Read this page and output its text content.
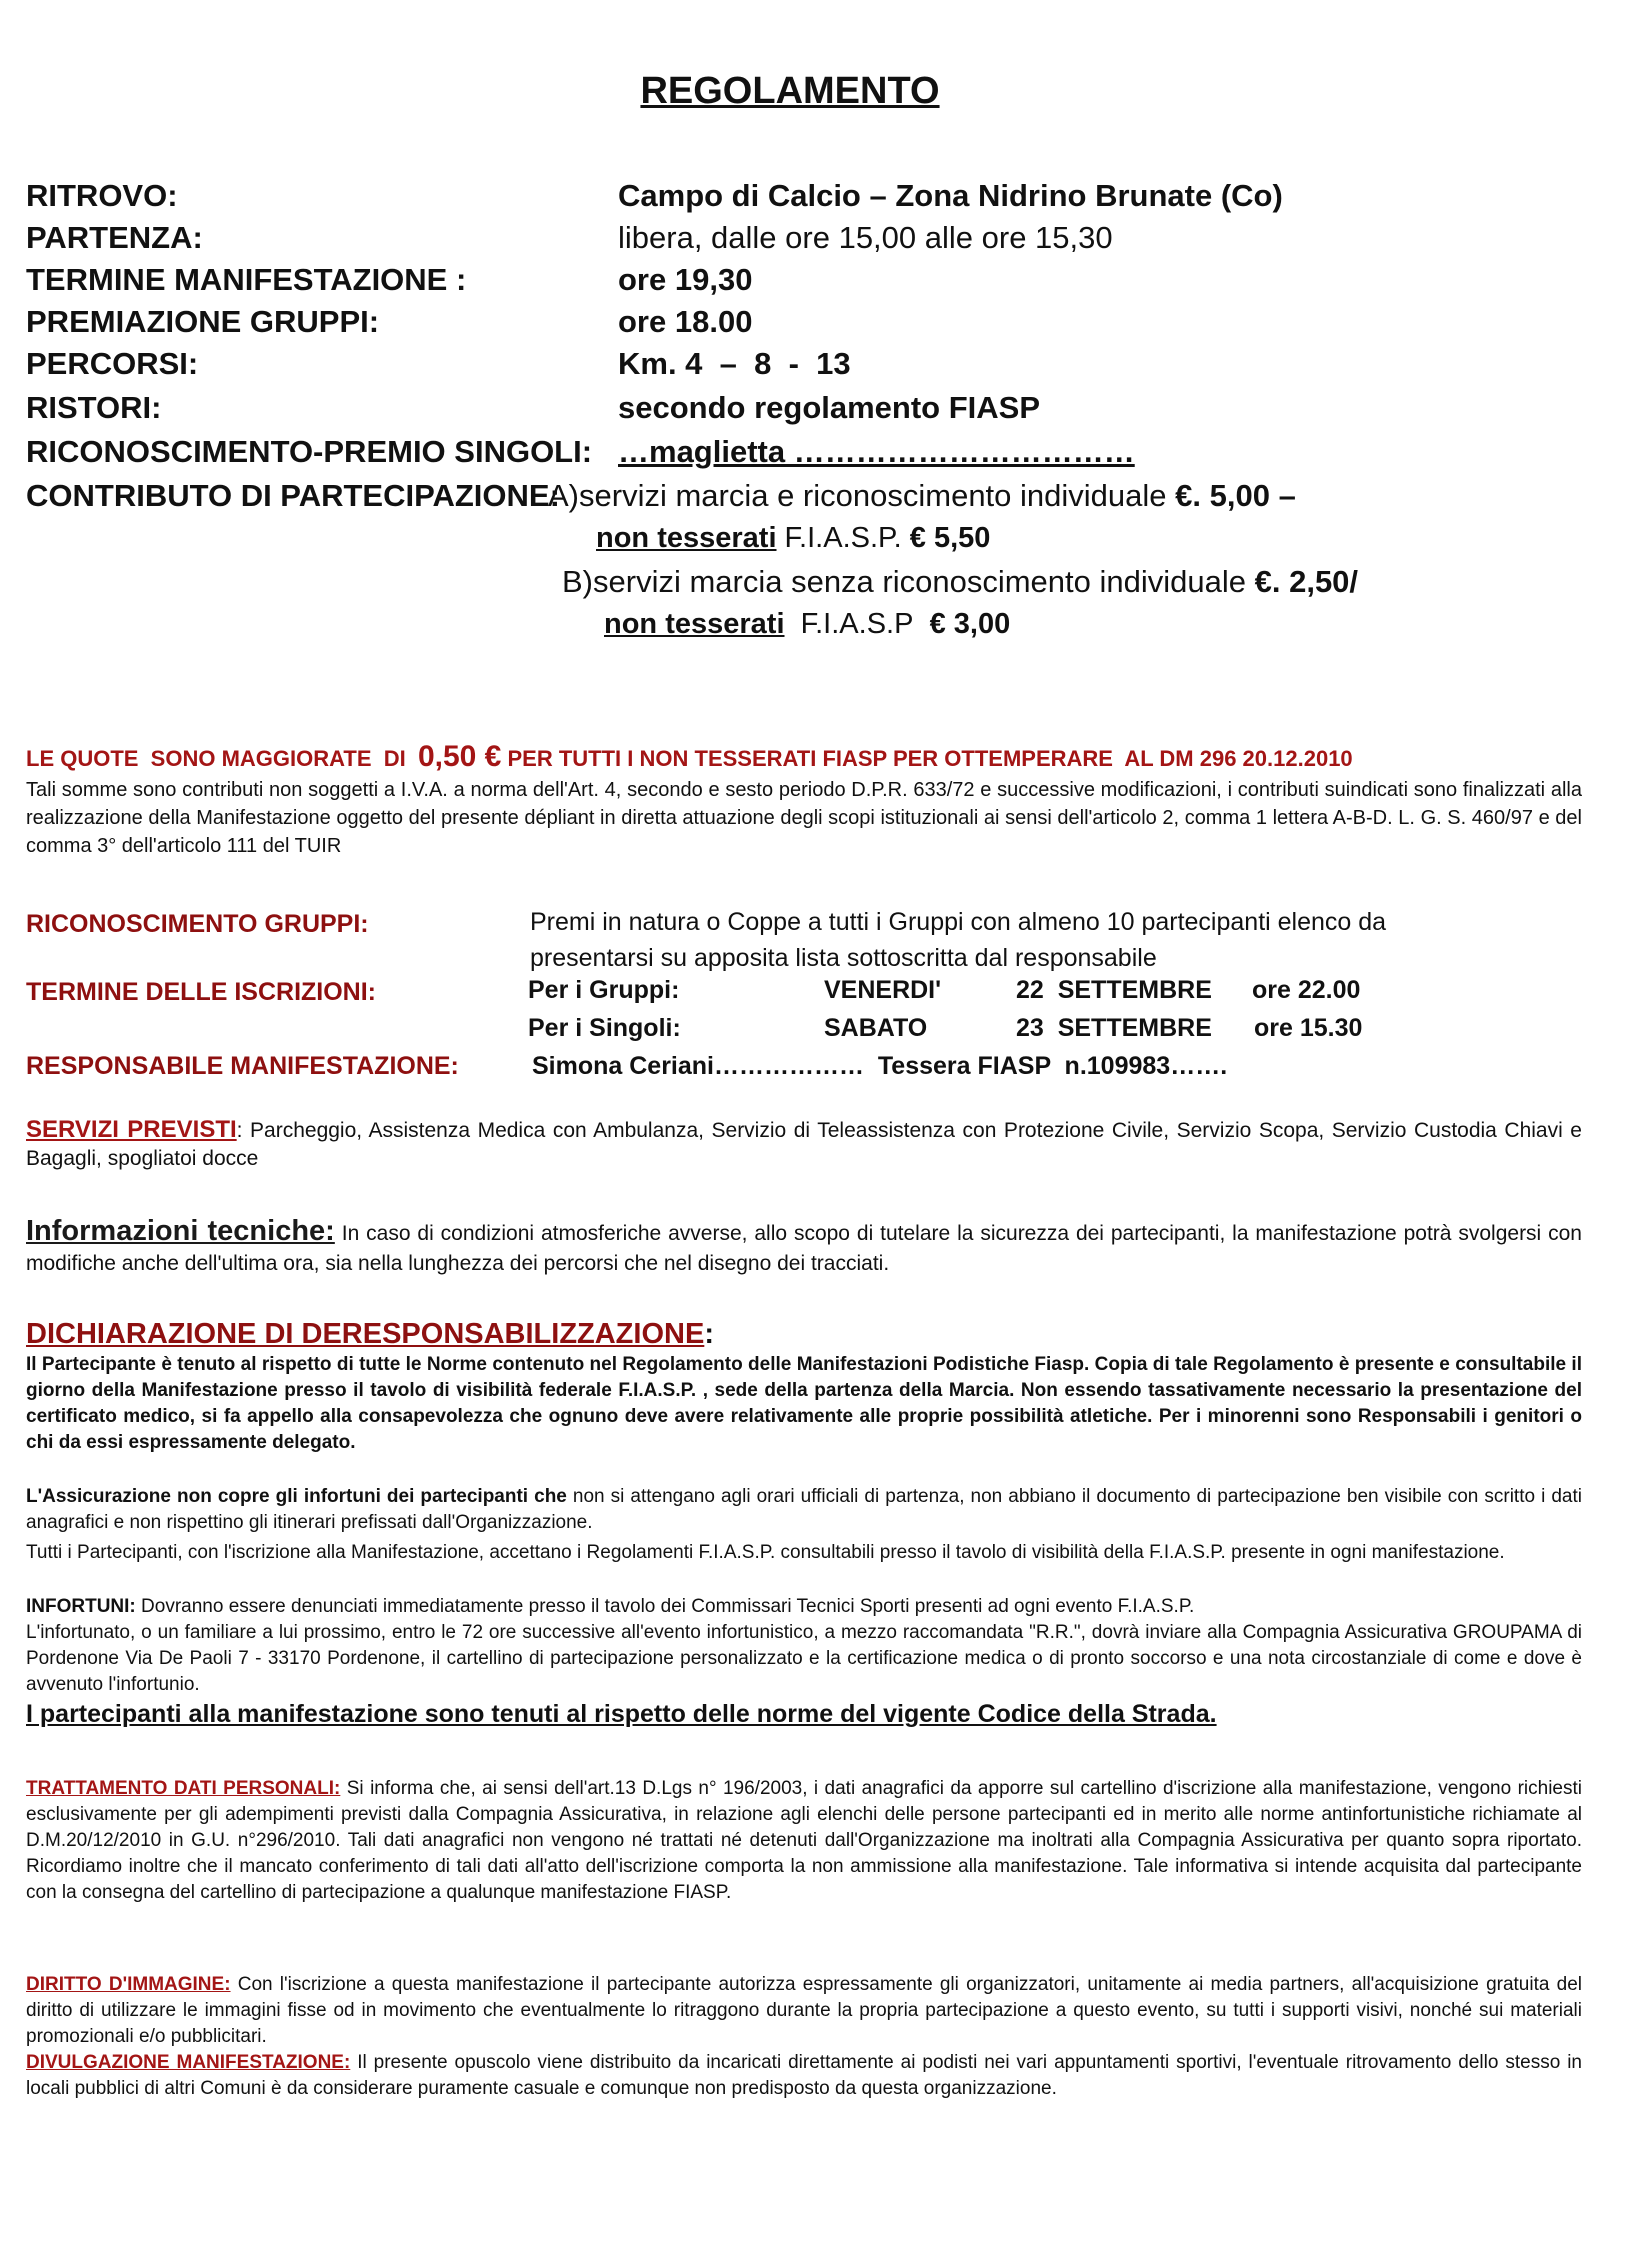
REGOLAMENTO
RITROVO:	Campo di Calcio – Zona Nidrino Brunate (Co)
PARTENZA:	libera, dalle ore 15,00 alle ore 15,30
TERMINE MANIFESTAZIONE :	ore 19,30
PREMIAZIONE GRUPPI:	ore 18.00
PERCORSI:	Km. 4  –  8  -  13
RISTORI:	secondo regolamento FIASP
RICONOSCIMENTO-PREMIO SINGOLI: …maglietta ……………………………
CONTRIBUTO DI PARTECIPAZIONE:
A)servizi marcia e riconoscimento individuale €. 5,00 –
non tesserati F.I.A.S.P. € 5,50
B)servizi marcia senza riconoscimento individuale €. 2,50/
non tesserati F.I.A.S.P € 3,00
LE QUOTE  SONO MAGGIORATE  DI 0,50 € PER TUTTI I NON TESSERATI FIASP PER OTTEMPERARE  AL DM 296 20.12.2010
Tali somme sono contributi non soggetti a I.V.A. a norma dell'Art. 4, secondo e sesto periodo D.P.R. 633/72 e successive modificazioni, i contributi suindicati sono finalizzati alla realizzazione della Manifestazione oggetto del presente dépliant in diretta attuazione degli scopi istituzionali ai sensi dell'articolo 2, comma 1 lettera A-B-D. L. G. S. 460/97 e del comma 3° dell'articolo 111 del TUIR
RICONOSCIMENTO GRUPPI:	Premi in natura o Coppe a tutti i Gruppi con almeno 10 partecipanti elenco da
presentarsi su apposita lista sottoscritta dal responsabile
TERMINE DELLE ISCRIZIONI:	Per i Gruppi:	VENERDI'	22  SETTEMBRE ore 22.00
Per i Singoli:	SABATO	23  SETTEMBRE ore 15.30
RESPONSABILE MANIFESTAZIONE:	Simona Ceriani………………  Tessera FIASP  n.109983…….
SERVIZI PREVISTI: Parcheggio, Assistenza Medica con Ambulanza, Servizio di Teleassistenza con Protezione Civile, Servizio Scopa, Servizio Custodia Chiavi e Bagagli, spogliatoi docce
Informazioni tecniche: In caso di condizioni atmosferiche avverse, allo scopo di tutelare la sicurezza dei partecipanti, la manifestazione potrà svolgersi con modifiche anche dell'ultima ora, sia nella lunghezza dei percorsi che nel disegno dei tracciati.
DICHIARAZIONE DI DERESPONSABILIZZAZIONE:
Il Partecipante è tenuto al rispetto di tutte le Norme contenuto nel Regolamento delle Manifestazioni Podistiche Fiasp. Copia di tale Regolamento è presente e consultabile il giorno della Manifestazione presso il tavolo di visibilità federale F.I.A.S.P. , sede della partenza della Marcia. Non essendo tassativamente necessario la presentazione del certificato medico, si fa appello alla consapevolezza che ognuno deve avere relativamente alle proprie possibilità atletiche. Per i minorenni sono Responsabili i genitori o chi da essi espressamente delegato.
L'Assicurazione non copre gli infortuni dei partecipanti che non si attengano agli orari ufficiali di partenza, non abbiano il documento di partecipazione ben visibile con scritto i dati anagrafici e non rispettino gli itinerari prefissati dall'Organizzazione.
Tutti i Partecipanti, con l'iscrizione alla Manifestazione, accettano i Regolamenti F.I.A.S.P. consultabili presso il tavolo di visibilità della F.I.A.S.P. presente in ogni manifestazione.
INFORTUNI: Dovranno essere denunciati immediatamente presso il tavolo dei Commissari Tecnici Sporti presenti ad ogni evento F.I.A.S.P.
L'infortunato, o un familiare a lui prossimo, entro le 72 ore successive all'evento infortunistico, a mezzo raccomandata "R.R.", dovrà inviare alla Compagnia Assicurativa GROUPAMA di Pordenone Via De Paoli 7 - 33170 Pordenone, il cartellino di partecipazione personalizzato e la certificazione medica o di pronto soccorso e una nota circostanziale di come e dove è avvenuto l'infortunio.
I partecipanti alla manifestazione sono tenuti al rispetto delle norme del vigente Codice della Strada.
TRATTAMENTO DATI PERSONALI: Si informa che, ai sensi dell'art.13 D.Lgs n° 196/2003, i dati anagrafici da apporre sul cartellino d'iscrizione alla manifestazione, vengono richiesti esclusivamente per gli adempimenti previsti dalla Compagnia Assicurativa, in relazione agli elenchi delle persone partecipanti ed in merito alle norme antinfortunistiche richiamate al D.M.20/12/2010 in G.U. n°296/2010. Tali dati anagrafici non vengono né trattati né detenuti dall'Organizzazione ma inoltrati alla Compagnia Assicurativa per quanto sopra riportato. Ricordiamo inoltre che il mancato conferimento di tali dati all'atto dell'iscrizione comporta la non ammissione alla manifestazione. Tale informativa si intende acquisita dal partecipante con la consegna del cartellino di partecipazione a qualunque manifestazione FIASP.
DIRITTO D'IMMAGINE: Con l'iscrizione a questa manifestazione il partecipante autorizza espressamente gli organizzatori, unitamente ai media partners, all'acquisizione gratuita del diritto di utilizzare le immagini fisse od in movimento che eventualmente lo ritraggono durante la propria partecipazione a questo evento, su tutti i supporti visivi, nonché sui materiali promozionali e/o pubblicitari.
DIVULGAZIONE MANIFESTAZIONE: Il presente opuscolo viene distribuito da incaricati direttamente ai podisti nei vari appuntamenti sportivi, l'eventuale ritrovamento dello stesso in locali pubblici di altri Comuni è da considerare puramente casuale e comunque non predisposto da questa organizzazione.
